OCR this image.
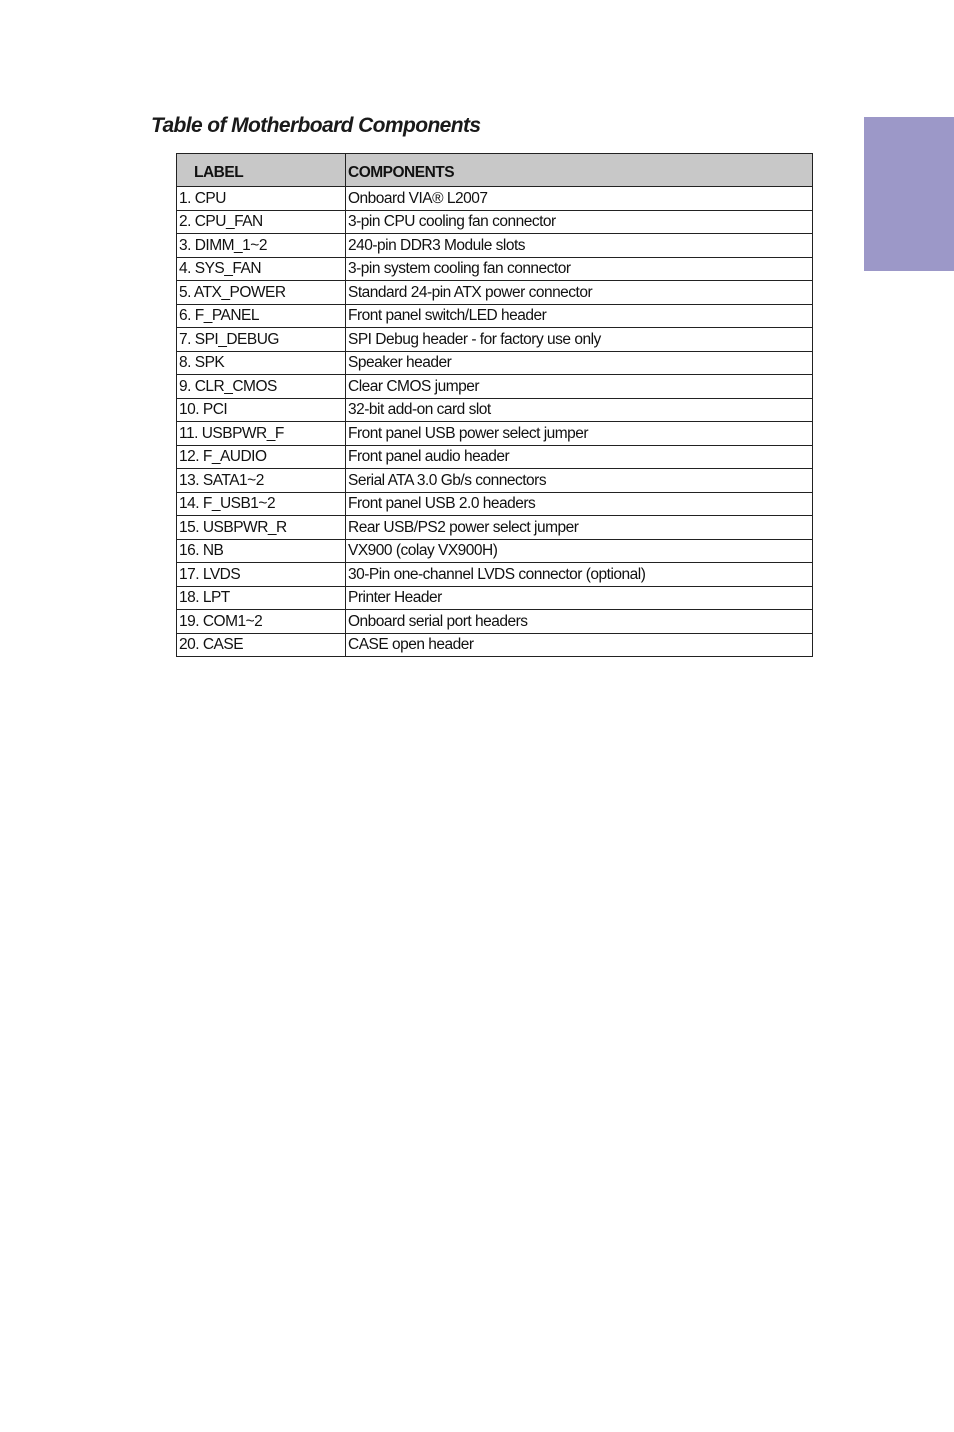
Table of Motherboard Components
LABEL	COMPONENTS
1. CPU	Onboard VIA® L2007
2. CPU_FAN	3-pin CPU cooling fan connector
3. DIMM_1~2	240-pin DDR3 Module slots
4. SYS_FAN	3-pin system cooling fan connector
5. ATX_POWER	Standard 24-pin ATX power connector
6. F_PANEL	Front panel switch/LED header
7. SPI_DEBUG	SPI Debug header - for factory use only
8. SPK	Speaker header
9. CLR_CMOS	Clear CMOS jumper
10. PCI	32-bit add-on card slot
11. USBPWR_F	Front panel USB power select jumper
12. F_AUDIO	Front panel audio header
13. SATA1~2	Serial ATA 3.0 Gb/s connectors
14. F_USB1~2	Front panel USB 2.0 headers
15. USBPWR_R	Rear USB/PS2 power select jumper
16. NB	VX900 (colay VX900H)
17. LVDS	30-Pin one-channel LVDS connector (optional)
18. LPT	Printer Header
19. COM1~2	Onboard serial port headers
20. CASE	CASE open header
